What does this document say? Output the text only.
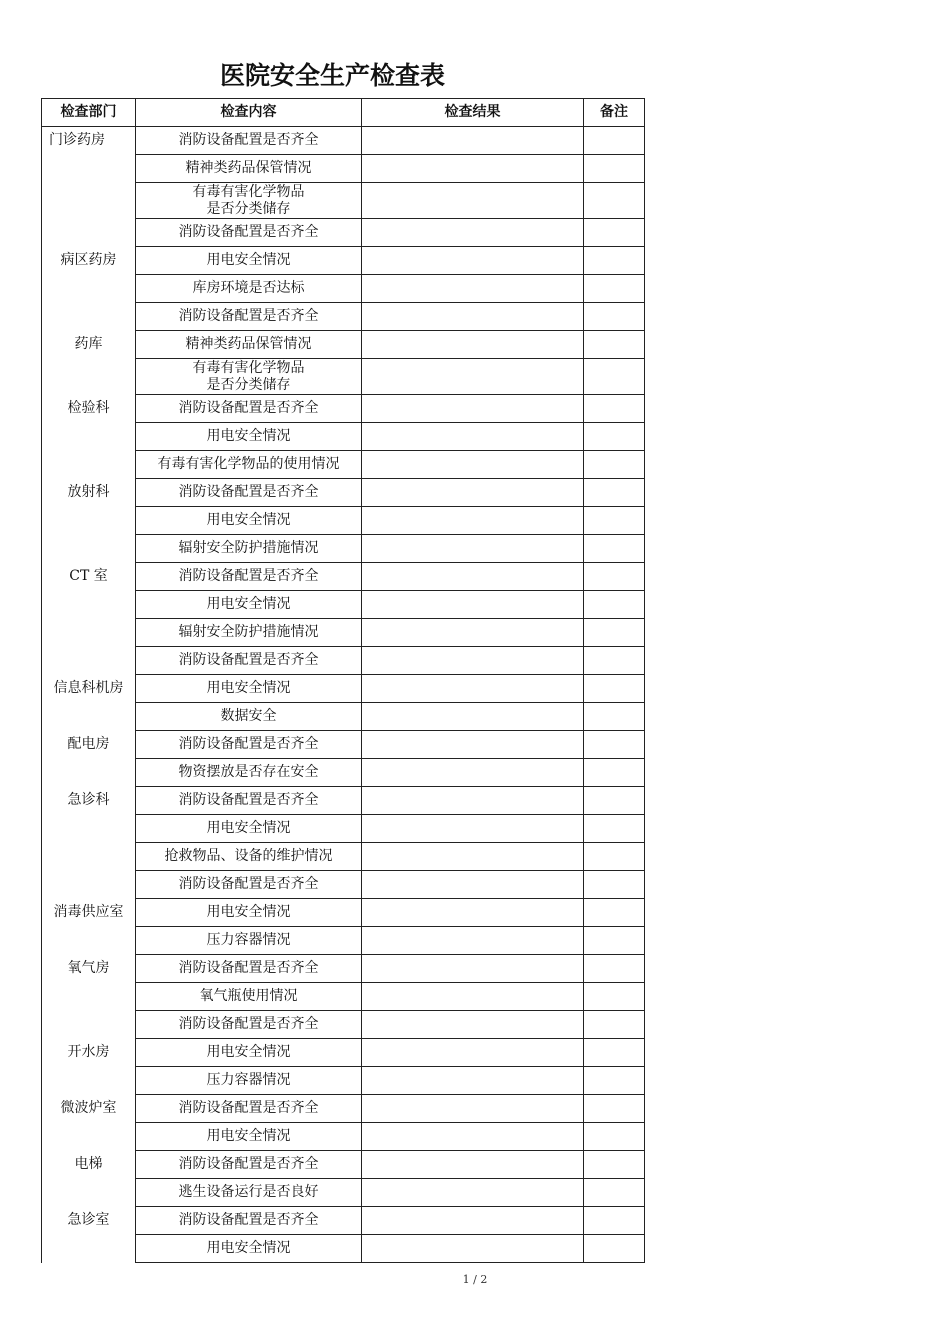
医院安全生产检查表
检查部门	检查内容	检查结果	备注
门诊药房	消防设备配置是否齐全		
	精神类药品保管情况		
	有毒有害化学物品
是否分类储存		
	消防设备配置是否齐全		
病区药房	用电安全情况		
	库房环境是否达标		
	消防设备配置是否齐全		
药库	精神类药品保管情况		
	有毒有害化学物品
是否分类储存		
检验科	消防设备配置是否齐全		
	用电安全情况		
	有毒有害化学物品的使用情况		
放射科	消防设备配置是否齐全		
	用电安全情况		
	辐射安全防护措施情况		
CT 室	消防设备配置是否齐全		
	用电安全情况		
	辐射安全防护措施情况		
	消防设备配置是否齐全		
信息科机房	用电安全情况		
	数据安全		
配电房	消防设备配置是否齐全		
	物资摆放是否存在安全		
急诊科	消防设备配置是否齐全		
	用电安全情况		
	抢救物品、设备的维护情况		
	消防设备配置是否齐全		
消毒供应室	用电安全情况		
	压力容器情况		
氧气房	消防设备配置是否齐全		
	氧气瓶使用情况		
	消防设备配置是否齐全		
开水房	用电安全情况		
	压力容器情况		
微波炉室	消防设备配置是否齐全		
	用电安全情况		
电梯	消防设备配置是否齐全		
	逃生设备运行是否良好		
急诊室	消防设备配置是否齐全		
	用电安全情况		
1 / 2
